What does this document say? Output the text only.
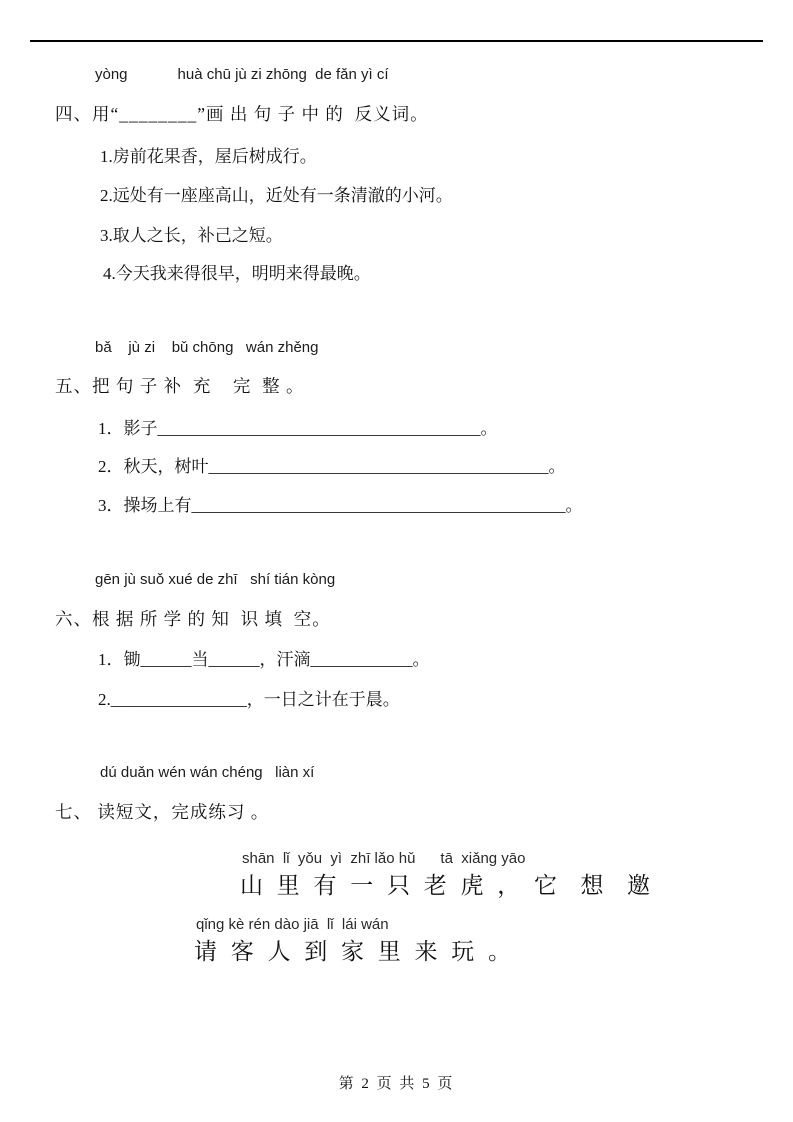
yòng            huà chū jù zi zhōng  de fǎn yì cí
四、用“________”画 出 句 子 中 的  反义词。
1.房前花果香，屋后树成行。
2.远处有一座座高山，近处有一条清澈的小河。
3.取人之长，补己之短。
4.今天我来得很早，明明来得最晚。
bǎ    jù zi    bǔ chōng   wán zhěng
五、把 句 子 补  充    完  整 。
1．影子______________________________________。
2．秋天，树叶________________________________________。
3．操场上有____________________________________________。
gēn jù suǒ xué de zhī   shí tián kòng
六、根 据 所 学 的 知  识 填  空。
1．锄______当______，汗滴____________。
2.________________，一日之计在于晨。
dú duǎn wén wán chéng   liàn xí
七、 读短文，完成练习 。
shān  lǐ  yǒu  yì  zhī lǎo hǔ      tā  xiǎng yāo
山 里 有 一 只 老 虎 ， 它  想  邀
qǐng kè rén dào jiā  lǐ  lái wán
请 客 人 到 家 里 来 玩 。
第 2 页 共 5 页
